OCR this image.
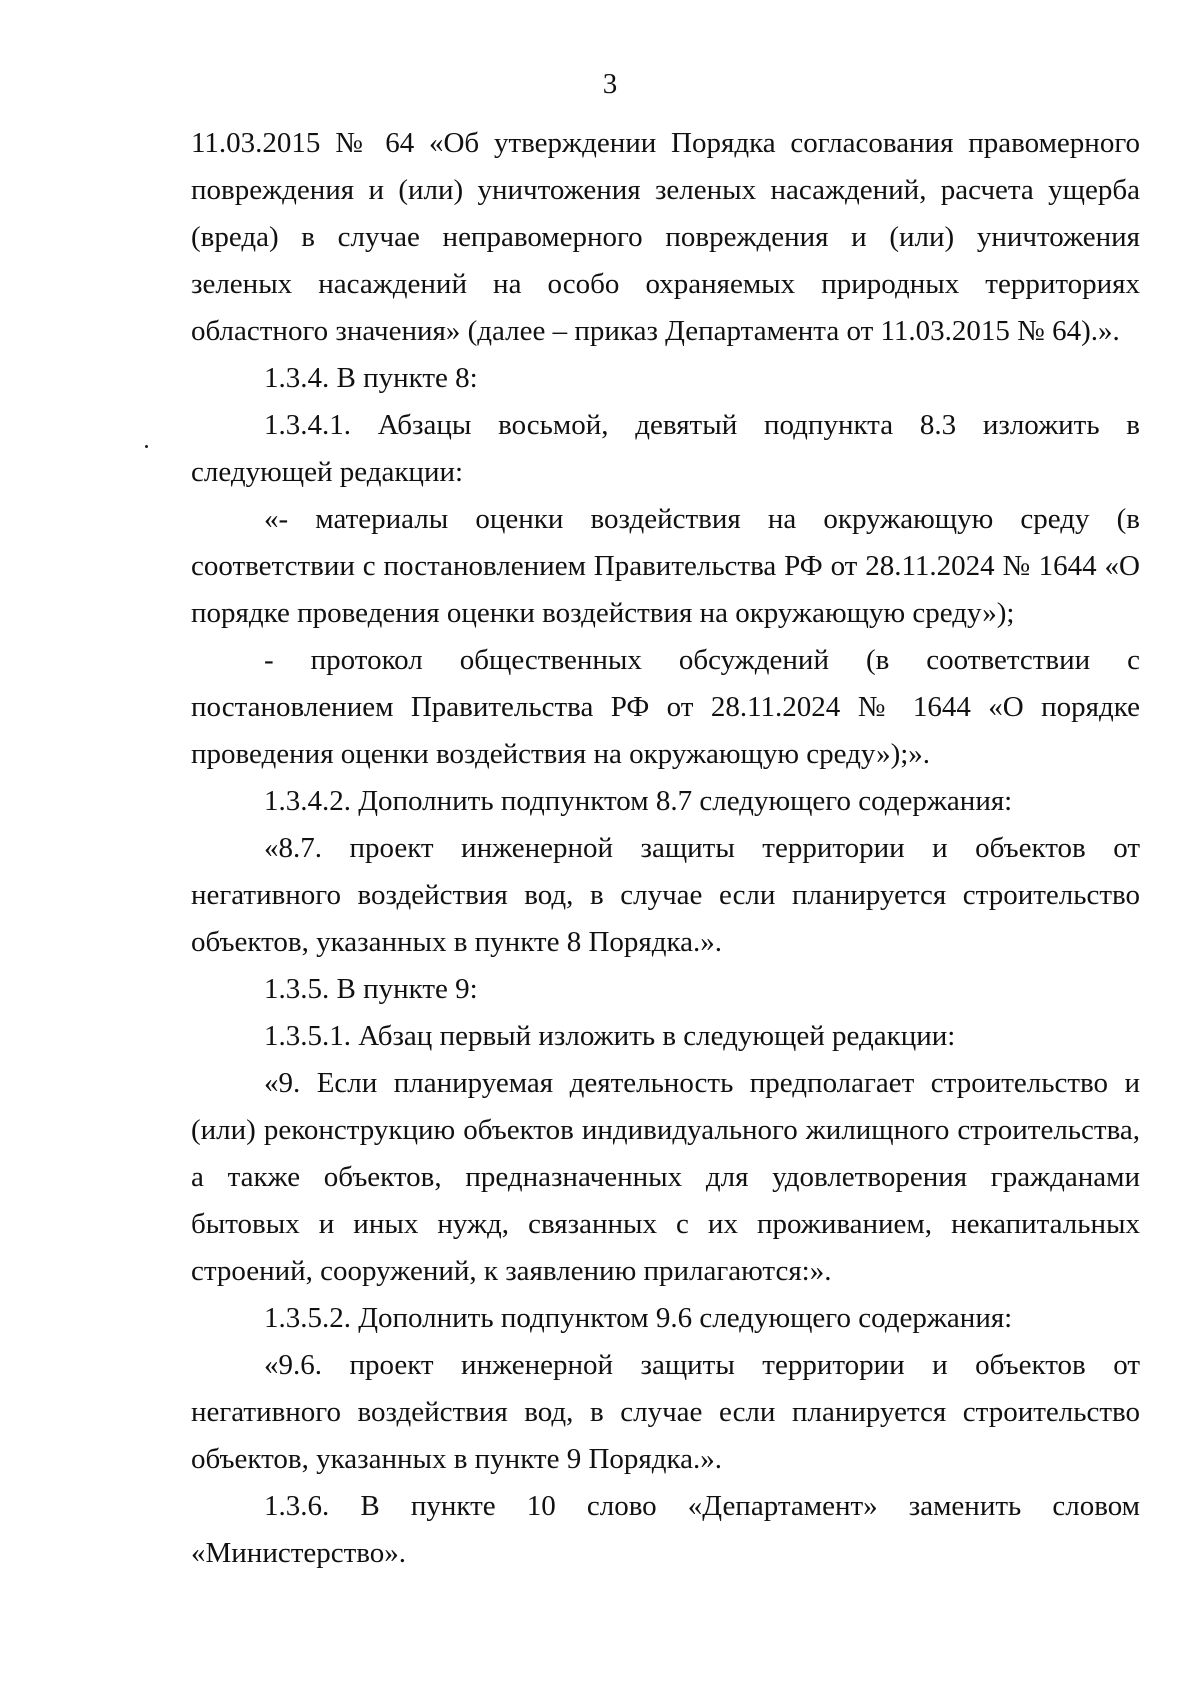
3

11.03.2015 № 64 «Об утверждении Порядка согласования правомерного повреждения и (или) уничтожения зеленых насаждений, расчета ущерба (вреда) в случае неправомерного повреждения и (или) уничтожения зеленых насаждений на особо охраняемых природных территориях областного значения» (далее – приказ Департамента от 11.03.2015 № 64).».

1.3.4. В пункте 8:

1.3.4.1. Абзацы восьмой, девятый подпункта 8.3 изложить в следующей редакции:

«- материалы оценки воздействия на окружающую среду (в соответствии с постановлением Правительства РФ от 28.11.2024 № 1644 «О порядке проведения оценки воздействия на окружающую среду»);

- протокол общественных обсуждений (в соответствии с постановлением Правительства РФ от 28.11.2024 № 1644 «О порядке проведения оценки воздействия на окружающую среду»);».

1.3.4.2. Дополнить подпунктом 8.7 следующего содержания:

«8.7. проект инженерной защиты территории и объектов от негативного воздействия вод, в случае если планируется строительство объектов, указанных в пункте 8 Порядка.».

1.3.5. В пункте 9:

1.3.5.1. Абзац первый изложить в следующей редакции:

«9. Если планируемая деятельность предполагает строительство и (или) реконструкцию объектов индивидуального жилищного строительства, а также объектов, предназначенных для удовлетворения гражданами бытовых и иных нужд, связанных с их проживанием, некапитальных строений, сооружений, к заявлению прилагаются:».

1.3.5.2. Дополнить подпунктом 9.6 следующего содержания:

«9.6. проект инженерной защиты территории и объектов от негативного воздействия вод, в случае если планируется строительство объектов, указанных в пункте 9 Порядка.».

1.3.6. В пункте 10 слово «Департамент» заменить словом «Министерство».
